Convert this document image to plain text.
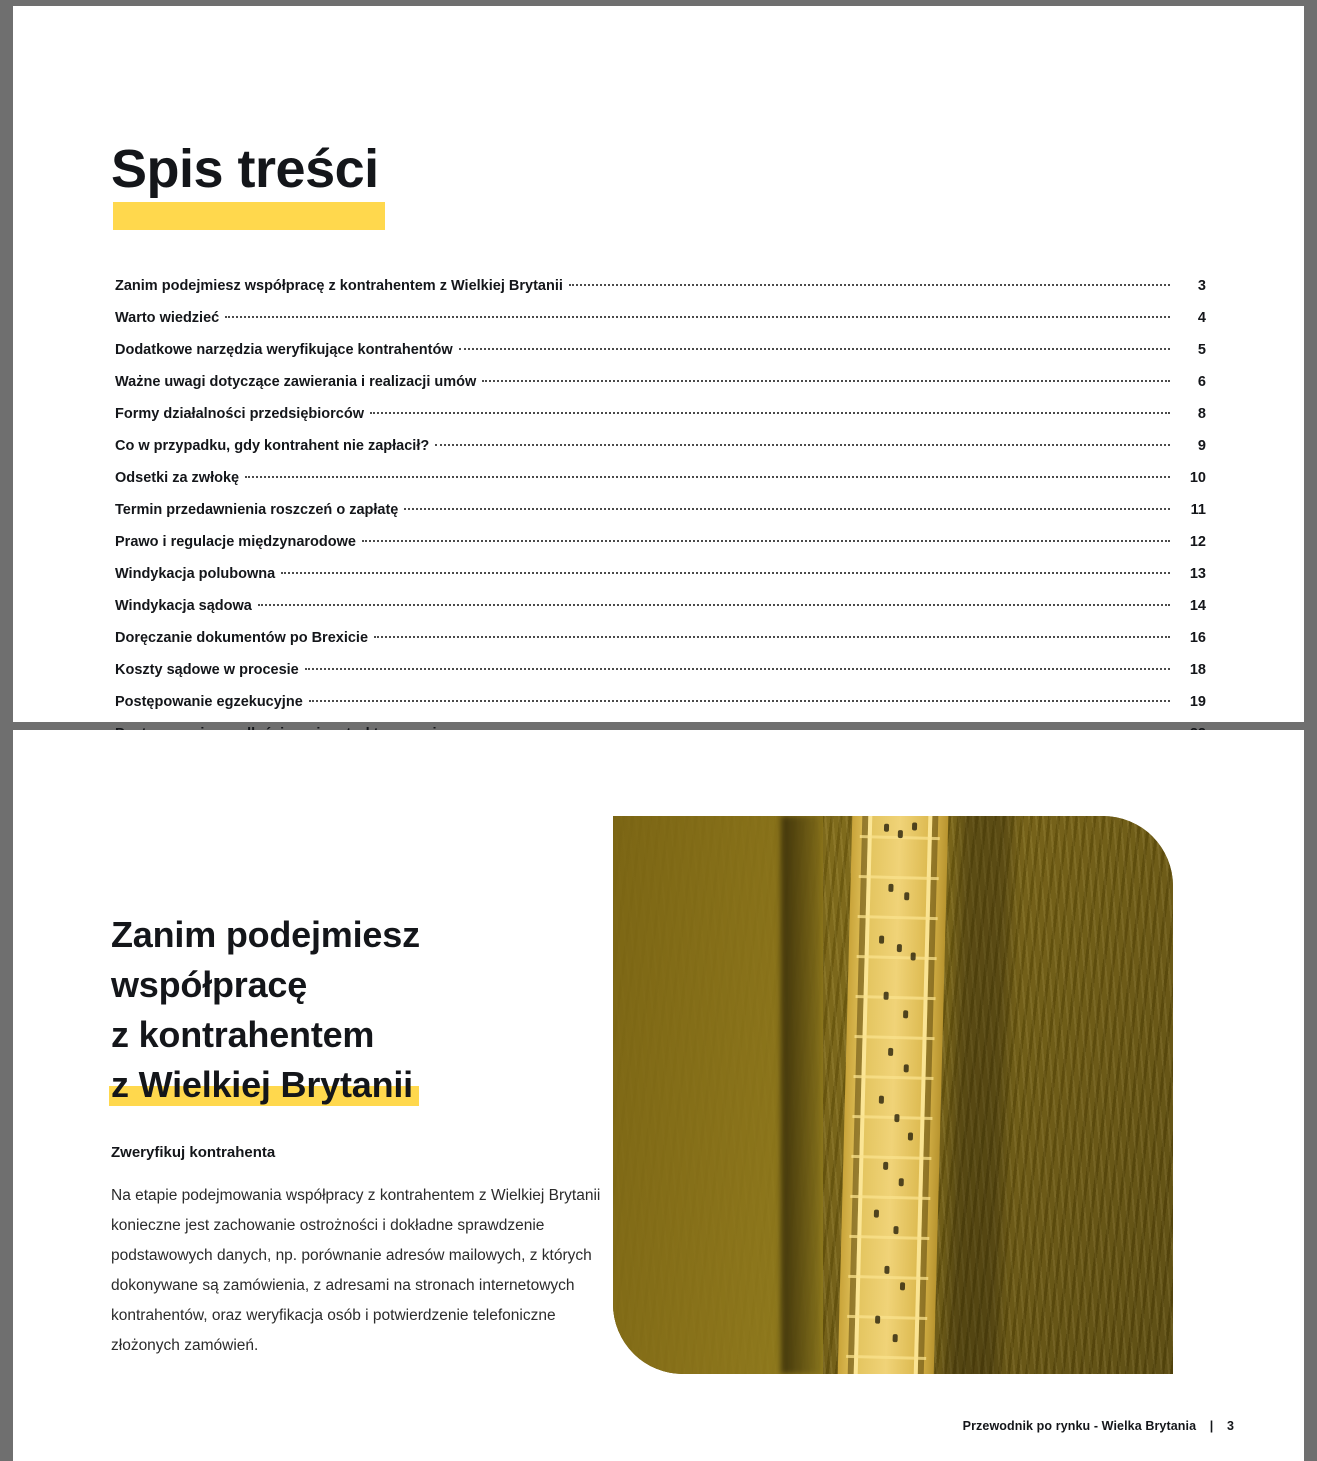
Spis treści
Zanim podejmiesz współpracę z kontrahentem z Wielkiej Brytanii	3
Warto wiedzieć	4
Dodatkowe narzędzia weryfikujące kontrahentów	5
Ważne uwagi dotyczące zawierania i realizacji umów	6
Formy działalności przedsiębiorców	8
Co w przypadku, gdy kontrahent nie zapłacił?	9
Odsetki za zwłokę	10
Termin przedawnienia roszczeń o zapłatę	11
Prawo i regulacje międzynarodowe	12
Windykacja polubowna	13
Windykacja sądowa	14
Doręczanie dokumentów po Brexicie	16
Koszty sądowe w procesie	18
Postępowanie egzekucyjne	19
Zanim podejmiesz
współpracę
z kontrahentem
z Wielkiej Brytanii
Zweryfikuj kontrahenta

Na etapie podejmowania współpracy z kontrahentem z Wielkiej Brytanii konieczne jest zachowanie ostrożności i dokładne sprawdzenie podstawowych danych, np. porównanie adresów mailowych, z których dokonywane są zamówienia, z adresami na stronach internetowych kontrahentów, oraz weryfikacja osób i potwierdzenie telefoniczne złożonych zamówień.

Przewodnik po rynku - Wielka Brytania | 3
